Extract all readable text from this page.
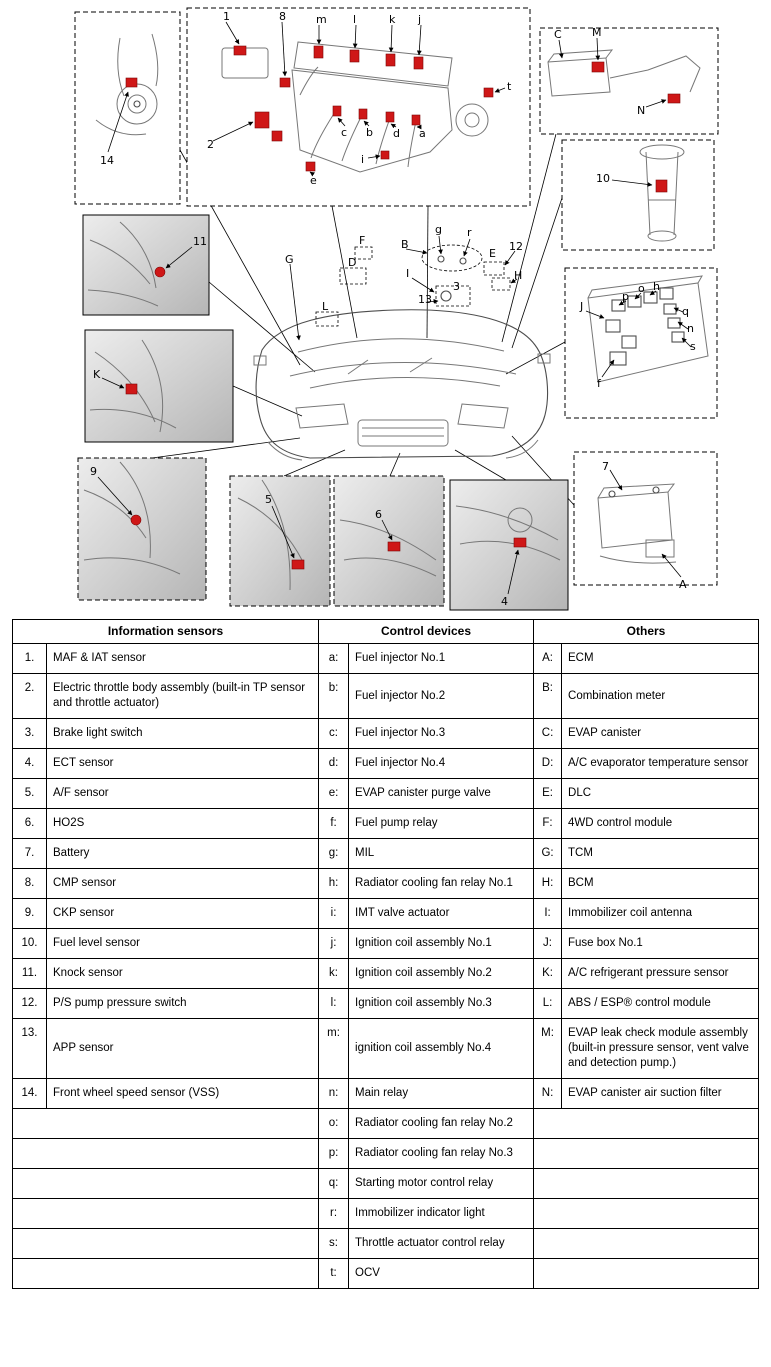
14
1	8	m l	k j
2
c b d a
e
i
t
C	M
N
10
11
J
p
o h
q
n
s
f
K
9
5
6
4
7
A
G	D
F	B
g r
E
12
I
3
H
13
L
Information sensors		Control devices		Others	
1.	MAF & IAT sensor	a:	Fuel injector No.1	A:	ECM
2.	Electric throttle body assembly (built-in TP sensor and throttle actuator)	b:	Fuel injector No.2	B:	Combination meter
3.	Brake light switch	c:	Fuel injector No.3	C:	EVAP canister
4.	ECT sensor	d:	Fuel injector No.4	D:	A/C evaporator temperature sensor
5.	A/F sensor	e:	EVAP canister purge valve	E:	DLC
6.	HO2S	f:	Fuel pump relay	F:	4WD control module
7.	Battery	g:	MIL	G:	TCM
8.	CMP sensor	h:	Radiator cooling fan relay No.1	H:	BCM
9.	CKP sensor	i:	IMT valve actuator	I:	Immobilizer coil antenna
10.	Fuel level sensor	j:	Ignition coil assembly No.1	J:	Fuse box No.1
11.	Knock sensor	k:	Ignition coil assembly No.2	K:	A/C refrigerant pressure sensor
12.	P/S pump pressure switch	l:	Ignition coil assembly No.3	L:	ABS / ESP® control module
13.	APP sensor	m:	ignition coil assembly No.4	M:	EVAP leak check module assembly (built-in pressure sensor, vent valve and detection pump.)
14.	Front wheel speed sensor (VSS)	n:	Main relay	N:	EVAP canister air suction filter
		o:	Radiator cooling fan relay No.2		
		p:	Radiator cooling fan relay No.3		
		q:	Starting motor control relay		
		r:	Immobilizer indicator light		
		s:	Throttle actuator control relay		
		t:	OCV		
